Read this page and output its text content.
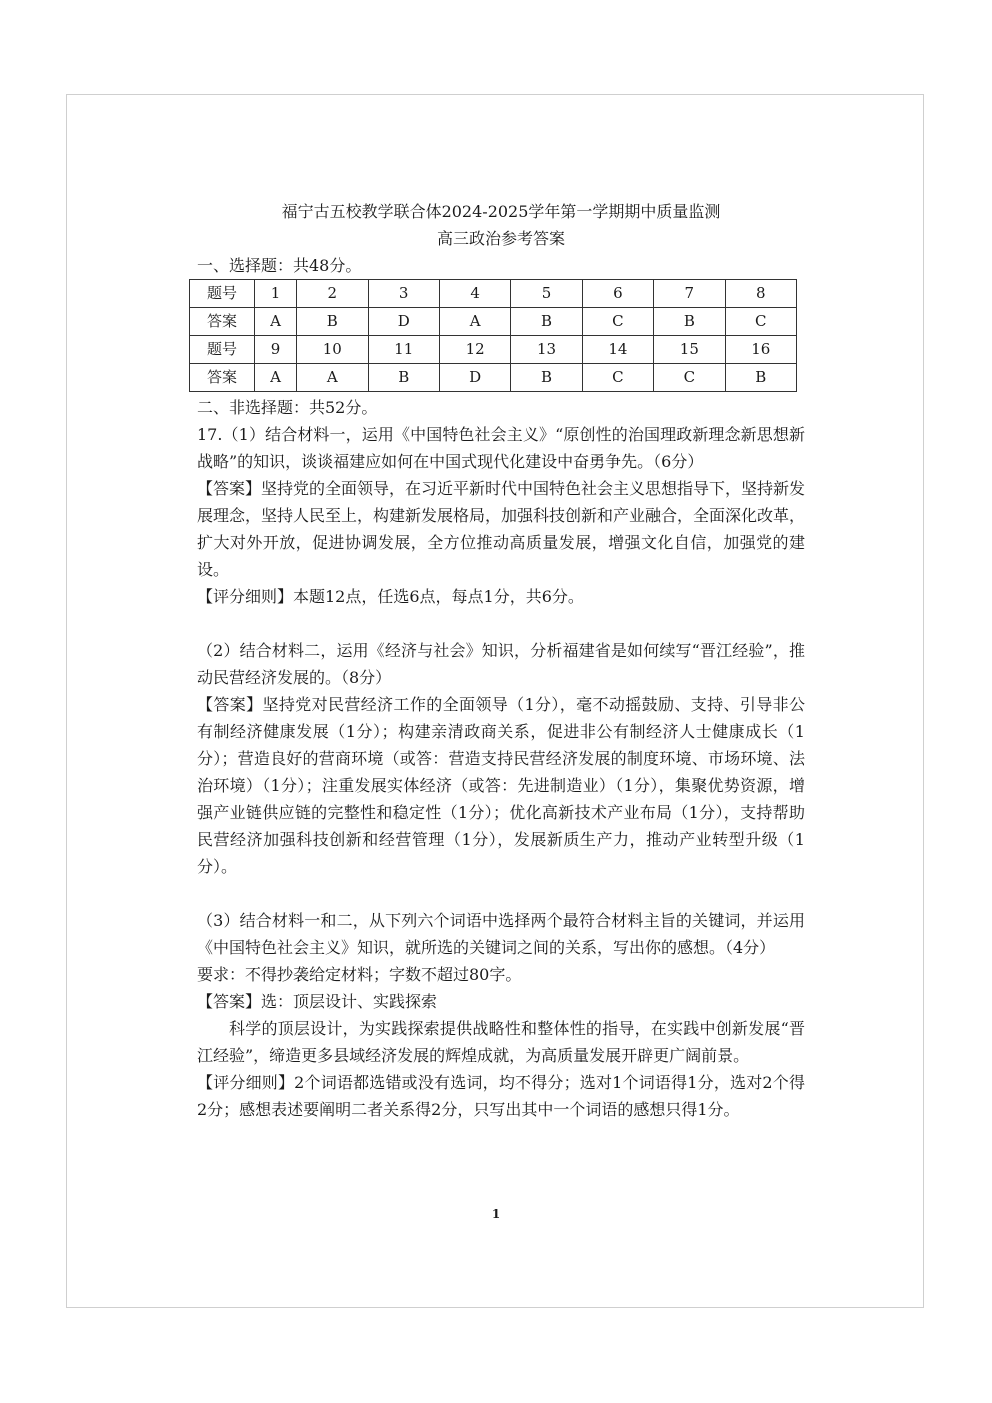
福宁古五校教学联合体2024-2025学年第一学期期中质量监测
高三政治参考答案

一、选择题：共48分。

题号	1	2	3	4	5	6	7	8
答案	A	B	D	A	B	C	B	C
题号	9	10	11	12	13	14	15	16
答案	A	A	B	D	B	C	C	B

二、非选择题：共52分。

17.（1）结合材料一，运用《中国特色社会主义》“原创性的治国理政新理念新思想新战略”的知识，谈谈福建应如何在中国式现代化建设中奋勇争先。（6分）

【答案】坚持党的全面领导，在习近平新时代中国特色社会主义思想指导下，坚持新发展理念，坚持人民至上，构建新发展格局，加强科技创新和产业融合，全面深化改革，扩大对外开放，促进协调发展，全方位推动高质量发展，增强文化自信，加强党的建设。

【评分细则】本题12点，任选6点，每点1分，共6分。

（2）结合材料二，运用《经济与社会》知识，分析福建省是如何续写“晋江经验”，推动民营经济发展的。（8分）

【答案】坚持党对民营经济工作的全面领导（1分），毫不动摇鼓励、支持、引导非公有制经济健康发展（1分）；构建亲清政商关系，促进非公有制经济人士健康成长（1分）；营造良好的营商环境（或答：营造支持民营经济发展的制度环境、市场环境、法治环境）（1分）；注重发展实体经济（或答：先进制造业）（1分），集聚优势资源，增强产业链供应链的完整性和稳定性（1分）；优化高新技术产业布局（1分），支持帮助民营经济加强科技创新和经营管理（1分），发展新质生产力，推动产业转型升级（1分）。

（3）结合材料一和二，从下列六个词语中选择两个最符合材料主旨的关键词，并运用《中国特色社会主义》知识，就所选的关键词之间的关系，写出你的感想。（4分）

要求：不得抄袭给定材料；字数不超过80字。

【答案】选：顶层设计、实践探索

科学的顶层设计，为实践探索提供战略性和整体性的指导，在实践中创新发展“晋江经验”，缔造更多县域经济发展的辉煌成就，为高质量发展开辟更广阔前景。

【评分细则】2个词语都选错或没有选词，均不得分；选对1个词语得1分，选对2个得2分；感想表述要阐明二者关系得2分，只写出其中一个词语的感想只得1分。

1
